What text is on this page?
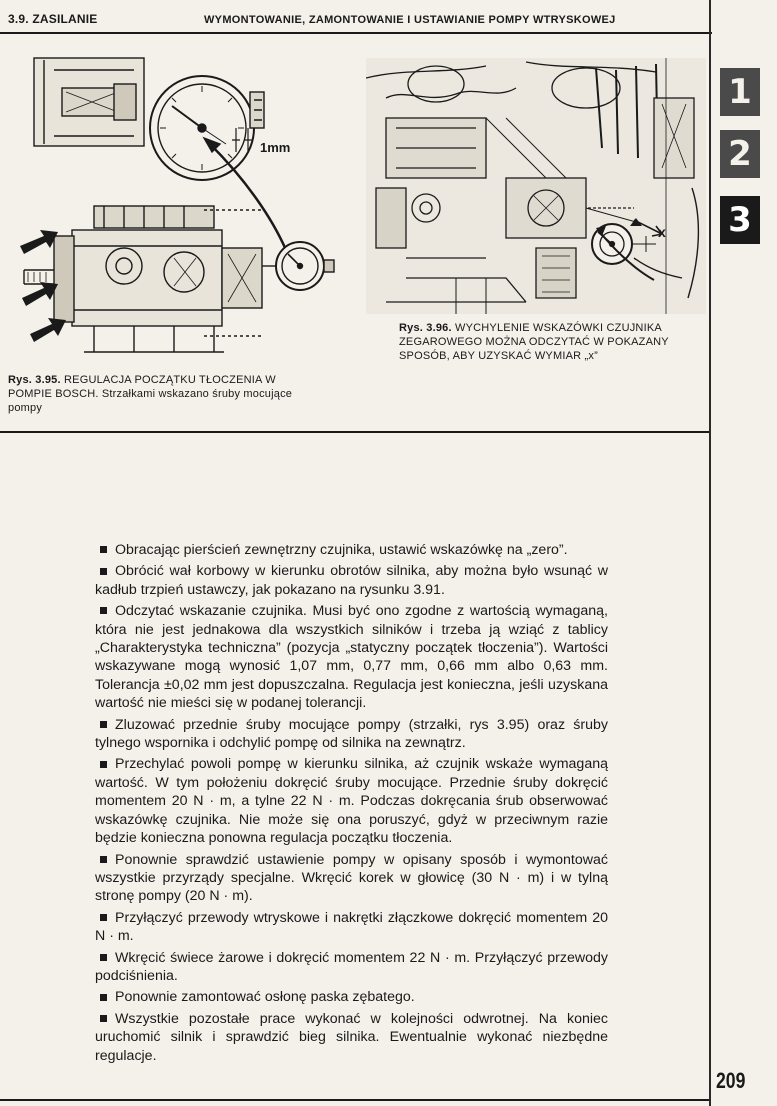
3.9. ZASILANIE	WYMONTOWANIE, ZAMONTOWANIE I USTAWIANIE POMPY WTRYSKOWEJ
1
2
3
1mm
Rys. 3.95. REGULACJA POCZĄTKU TŁOCZENIA W POMPIE BOSCH. Strzałkami wskazano śruby mocujące pompy
x
Rys. 3.96. WYCHYLENIE WSKAZÓWKI CZUJNIKA ZEGAROWEGO MOŻNA ODCZYTAĆ W POKAZANY SPOSÓB, ABY UZYSKAĆ WYMIAR „x”

Obracając pierścień zewnętrzny czujnika, ustawić wskazówkę na „zero”.

Obrócić wał korbowy w kierunku obrotów silnika, aby można było wsunąć w kadłub trzpień ustawczy, jak pokazano na rysunku 3.91.

Odczytać wskazanie czujnika. Musi być ono zgodne z wartością wymaganą, która nie jest jednakowa dla wszystkich silników i trzeba ją wziąć z tablicy „Charakterystyka techniczna” (pozycja „statyczny początek tłoczenia”). Wartości wskazywane mogą wynosić 1,07 mm, 0,77 mm, 0,66 mm albo 0,63 mm. Tolerancja ±0,02 mm jest dopuszczalna. Regulacja jest konieczna, jeśli uzyskana wartość nie mieści się w podanej tolerancji.

Zluzować przednie śruby mocujące pompy (strzałki, rys 3.95) oraz śruby tylnego wspornika i odchylić pompę od silnika na zewnątrz.

Przechylać powoli pompę w kierunku silnika, aż czujnik wskaże wymaganą wartość. W tym położeniu dokręcić śruby mocujące. Przednie śruby dokręcić momentem 20 N · m, a tylne 22 N · m. Podczas dokręcania śrub obserwować wskazówkę czujnika. Nie może się ona poruszyć, gdyż w przeciwnym razie będzie konieczna ponowna regulacja początku tłoczenia.

Ponownie sprawdzić ustawienie pompy w opisany sposób i wymontować wszystkie przyrządy specjalne. Wkręcić korek w głowicę (30 N · m) i w tylną stronę pompy (20 N · m).

Przyłączyć przewody wtryskowe i nakrętki złączkowe dokręcić momentem 20 N · m.

Wkręcić świece żarowe i dokręcić momentem 22 N · m. Przyłączyć przewody podciśnienia.

Ponownie zamontować osłonę paska zębatego.

Wszystkie pozostałe prace wykonać w kolejności odwrotnej. Na koniec uruchomić silnik i sprawdzić bieg silnika. Ewentualnie wykonać niezbędne regulacje.

209
